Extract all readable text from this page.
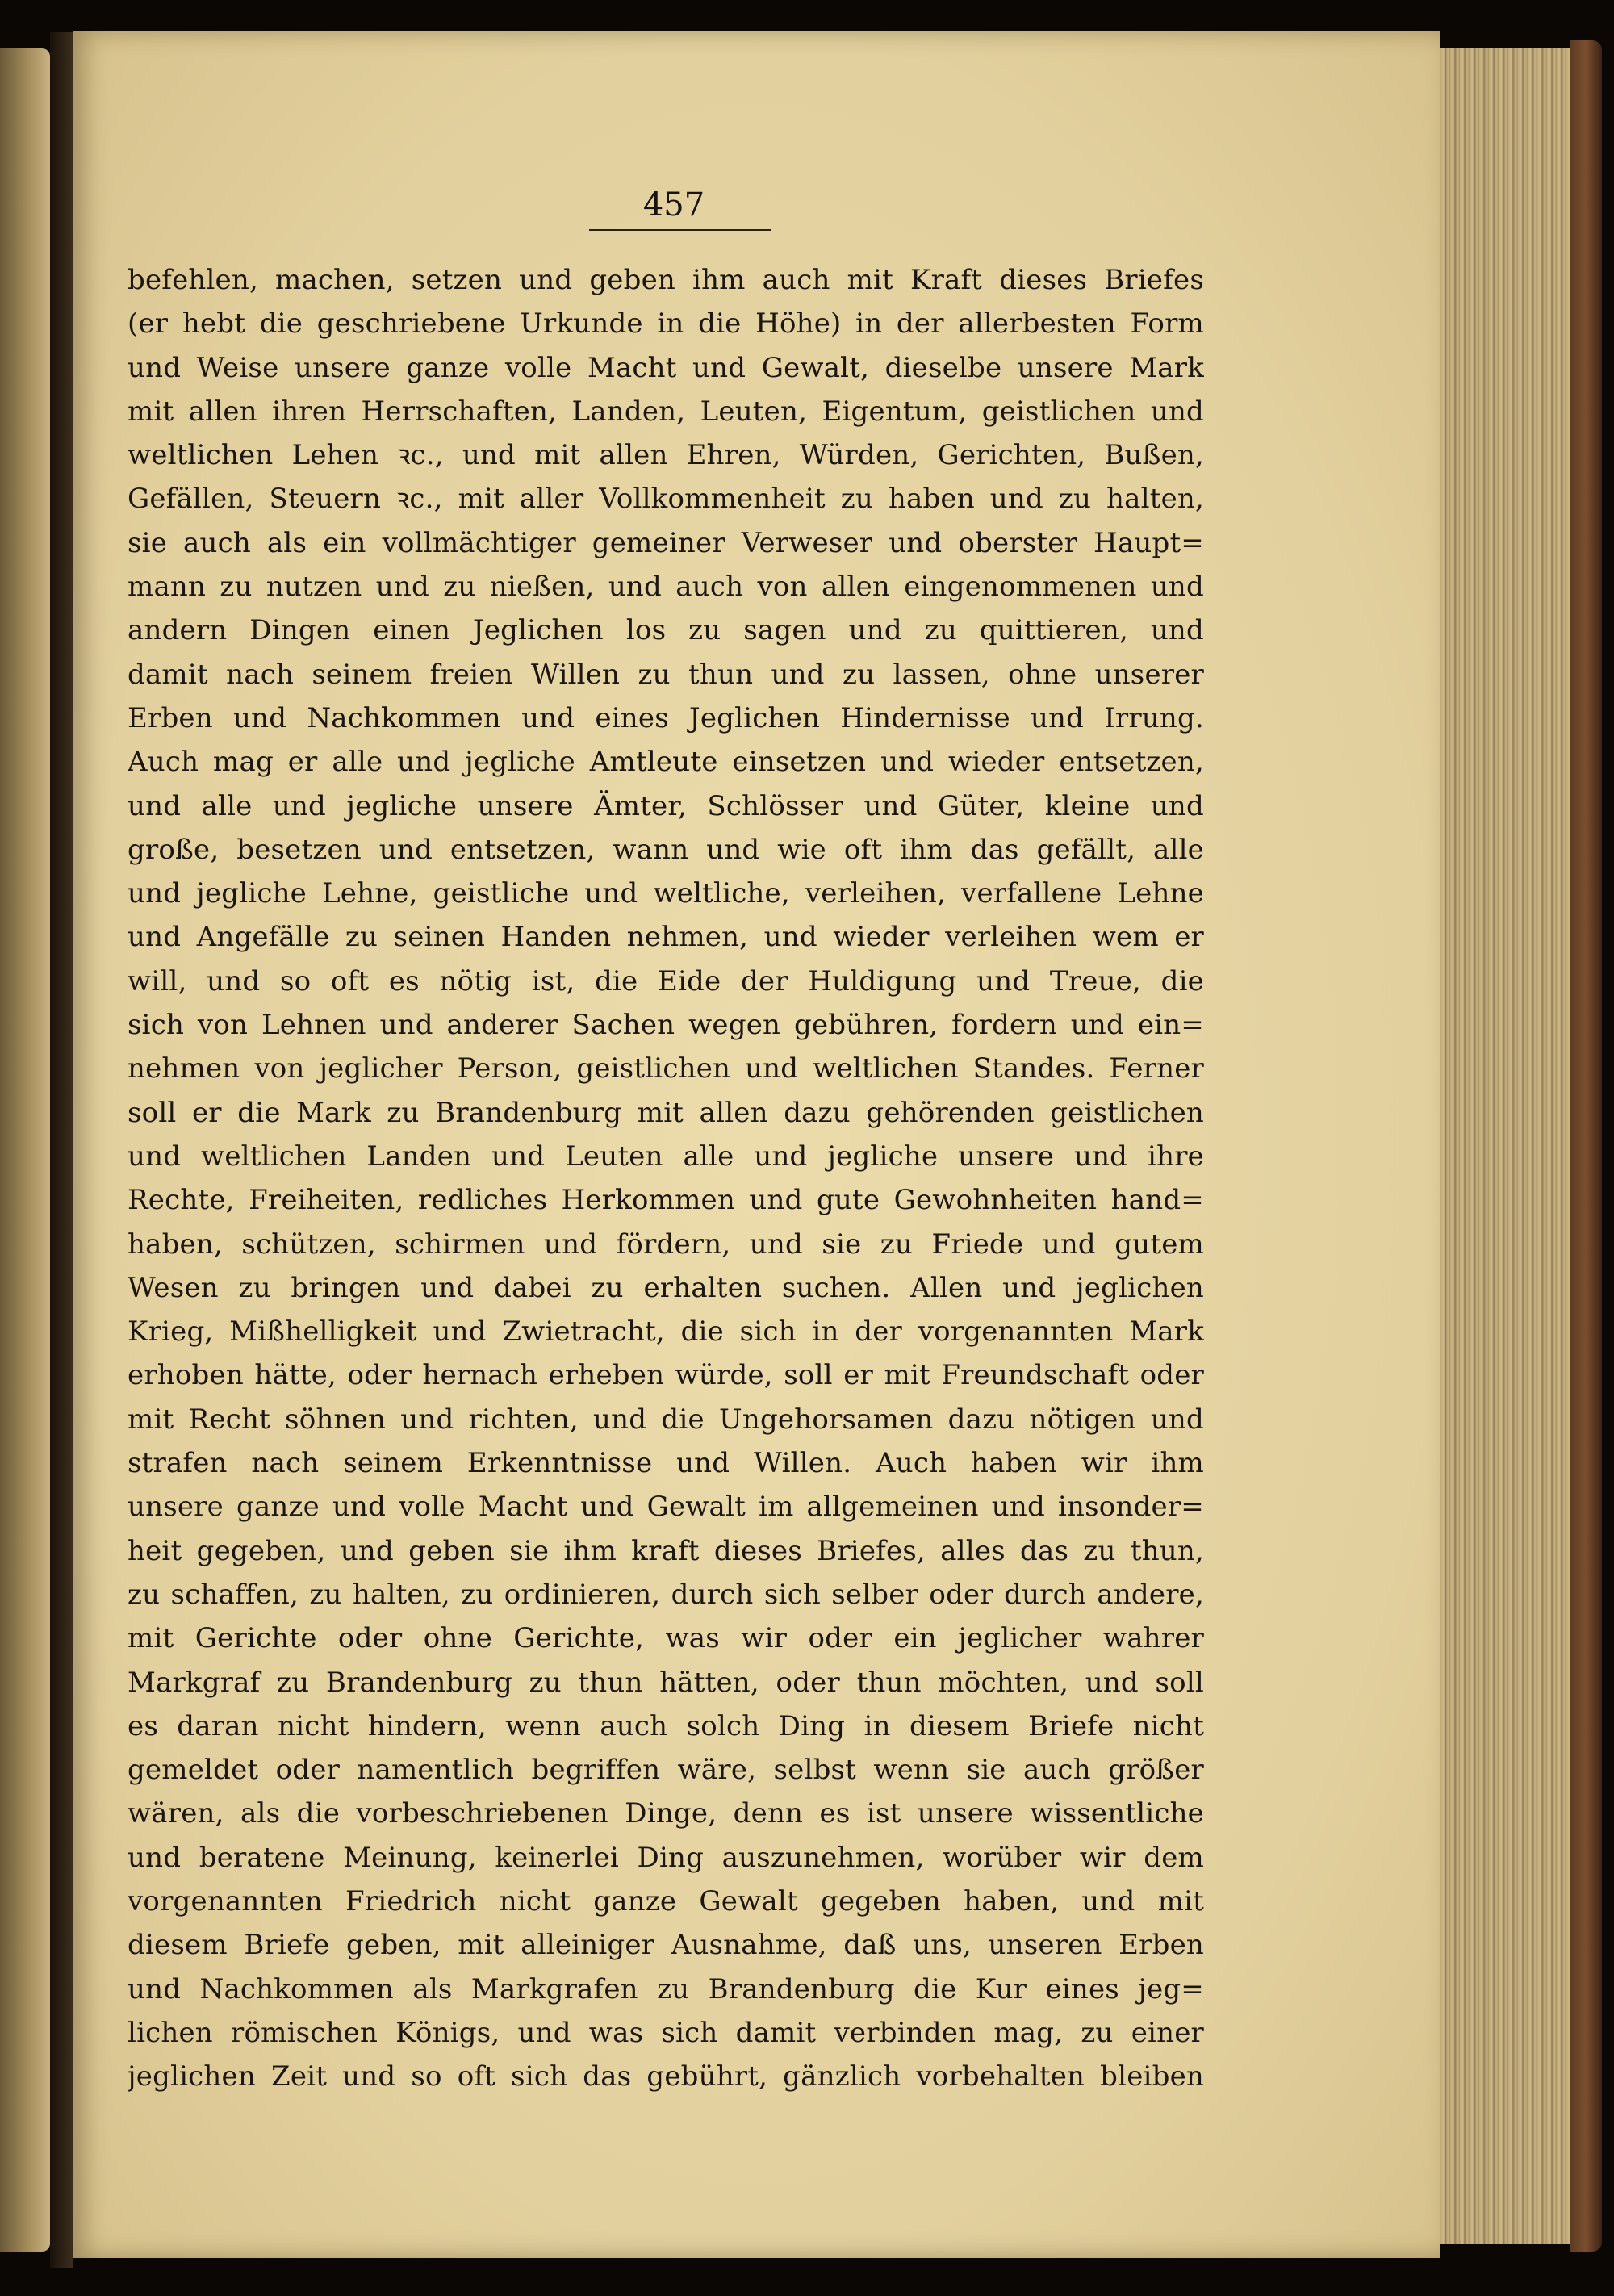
457
befehlen, machen, setzen und geben ihm auch mit Kraft dieses Briefes
(er hebt die geschriebene Urkunde in die Höhe) in der allerbesten Form
und Weise unsere ganze volle Macht und Gewalt, dieselbe unsere Mark
mit allen ihren Herrschaften, Landen, Leuten, Eigentum, geistlichen und
weltlichen Lehen ꝛc., und mit allen Ehren, Würden, Gerichten, Bußen,
Gefällen, Steuern ꝛc., mit aller Vollkommenheit zu haben und zu halten,
sie auch als ein vollmächtiger gemeiner Verweser und oberster Haupt=
mann zu nutzen und zu nießen, und auch von allen eingenommenen und
andern Dingen einen Jeglichen los zu sagen und zu quittieren, und
damit nach seinem freien Willen zu thun und zu lassen, ohne unserer
Erben und Nachkommen und eines Jeglichen Hindernisse und Irrung.
Auch mag er alle und jegliche Amtleute einsetzen und wieder entsetzen,
und alle und jegliche unsere Ämter, Schlösser und Güter, kleine und
große, besetzen und entsetzen, wann und wie oft ihm das gefällt, alle
und jegliche Lehne, geistliche und weltliche, verleihen, verfallene Lehne
und Angefälle zu seinen Handen nehmen, und wieder verleihen wem er
will, und so oft es nötig ist, die Eide der Huldigung und Treue, die
sich von Lehnen und anderer Sachen wegen gebühren, fordern und ein=
nehmen von jeglicher Person, geistlichen und weltlichen Standes. Ferner
soll er die Mark zu Brandenburg mit allen dazu gehörenden geistlichen
und weltlichen Landen und Leuten alle und jegliche unsere und ihre
Rechte, Freiheiten, redliches Herkommen und gute Gewohnheiten hand=
haben, schützen, schirmen und fördern, und sie zu Friede und gutem
Wesen zu bringen und dabei zu erhalten suchen. Allen und jeglichen
Krieg, Mißhelligkeit und Zwietracht, die sich in der vorgenannten Mark
erhoben hätte, oder hernach erheben würde, soll er mit Freundschaft oder
mit Recht söhnen und richten, und die Ungehorsamen dazu nötigen und
strafen nach seinem Erkenntnisse und Willen. Auch haben wir ihm
unsere ganze und volle Macht und Gewalt im allgemeinen und insonder=
heit gegeben, und geben sie ihm kraft dieses Briefes, alles das zu thun,
zu schaffen, zu halten, zu ordinieren, durch sich selber oder durch andere,
mit Gerichte oder ohne Gerichte, was wir oder ein jeglicher wahrer
Markgraf zu Brandenburg zu thun hätten, oder thun möchten, und soll
es daran nicht hindern, wenn auch solch Ding in diesem Briefe nicht
gemeldet oder namentlich begriffen wäre, selbst wenn sie auch größer
wären, als die vorbeschriebenen Dinge, denn es ist unsere wissentliche
und beratene Meinung, keinerlei Ding auszunehmen, worüber wir dem
vorgenannten Friedrich nicht ganze Gewalt gegeben haben, und mit
diesem Briefe geben, mit alleiniger Ausnahme, daß uns, unseren Erben
und Nachkommen als Markgrafen zu Brandenburg die Kur eines jeg=
lichen römischen Königs, und was sich damit verbinden mag, zu einer
jeglichen Zeit und so oft sich das gebührt, gänzlich vorbehalten bleiben
